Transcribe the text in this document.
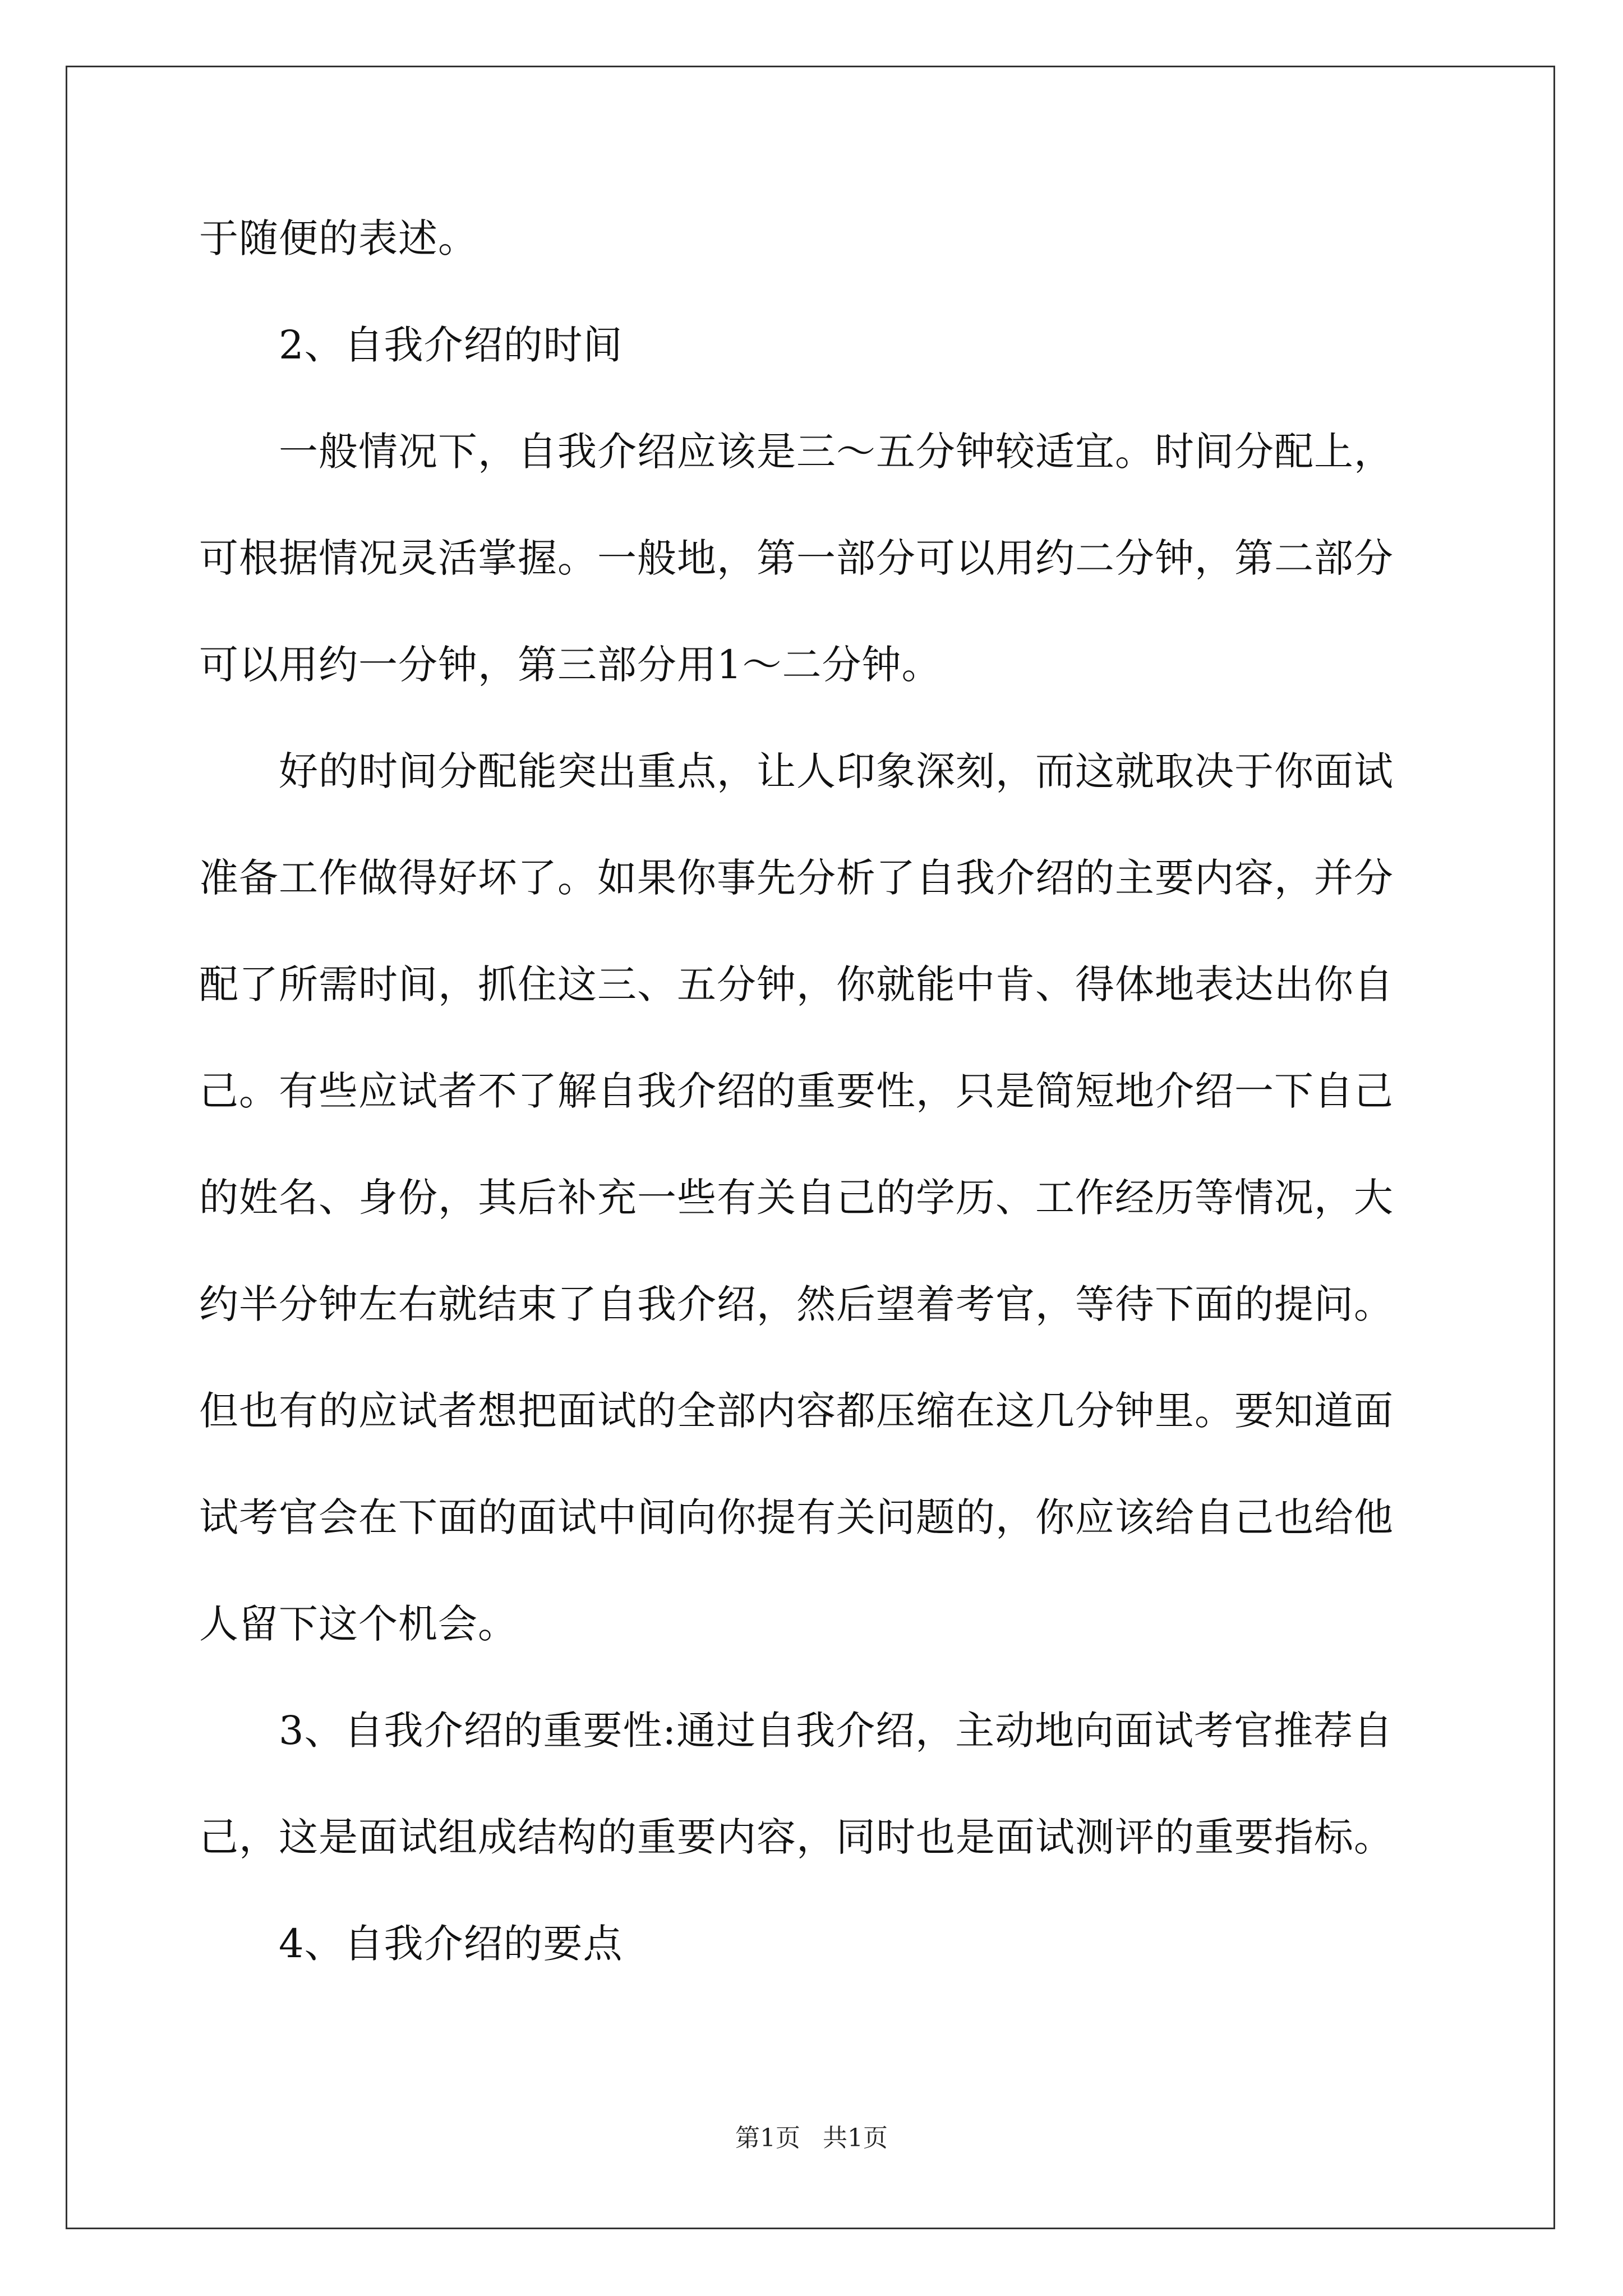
于随便的表述。

2、自我介绍的时间

一般情况下，自我介绍应该是三～五分钟较适宜。时间分配上，可根据情况灵活掌握。一般地，第一部分可以用约二分钟，第二部分可以用约一分钟，第三部分用1～二分钟。

好的时间分配能突出重点，让人印象深刻，而这就取决于你面试准备工作做得好坏了。如果你事先分析了自我介绍的主要内容，并分配了所需时间，抓住这三、五分钟，你就能中肯、得体地表达出你自己。有些应试者不了解自我介绍的重要性，只是简短地介绍一下自己的姓名、身份，其后补充一些有关自己的学历、工作经历等情况，大约半分钟左右就结束了自我介绍，然后望着考官，等待下面的提问。但也有的应试者想把面试的全部内容都压缩在这几分钟里。要知道面试考官会在下面的面试中间向你提有关问题的，你应该给自己也给他人留下这个机会。

3、自我介绍的重要性:通过自我介绍，主动地向面试考官推荐自己，这是面试组成结构的重要内容，同时也是面试测评的重要指标。

4、自我介绍的要点

第1页 共1页
